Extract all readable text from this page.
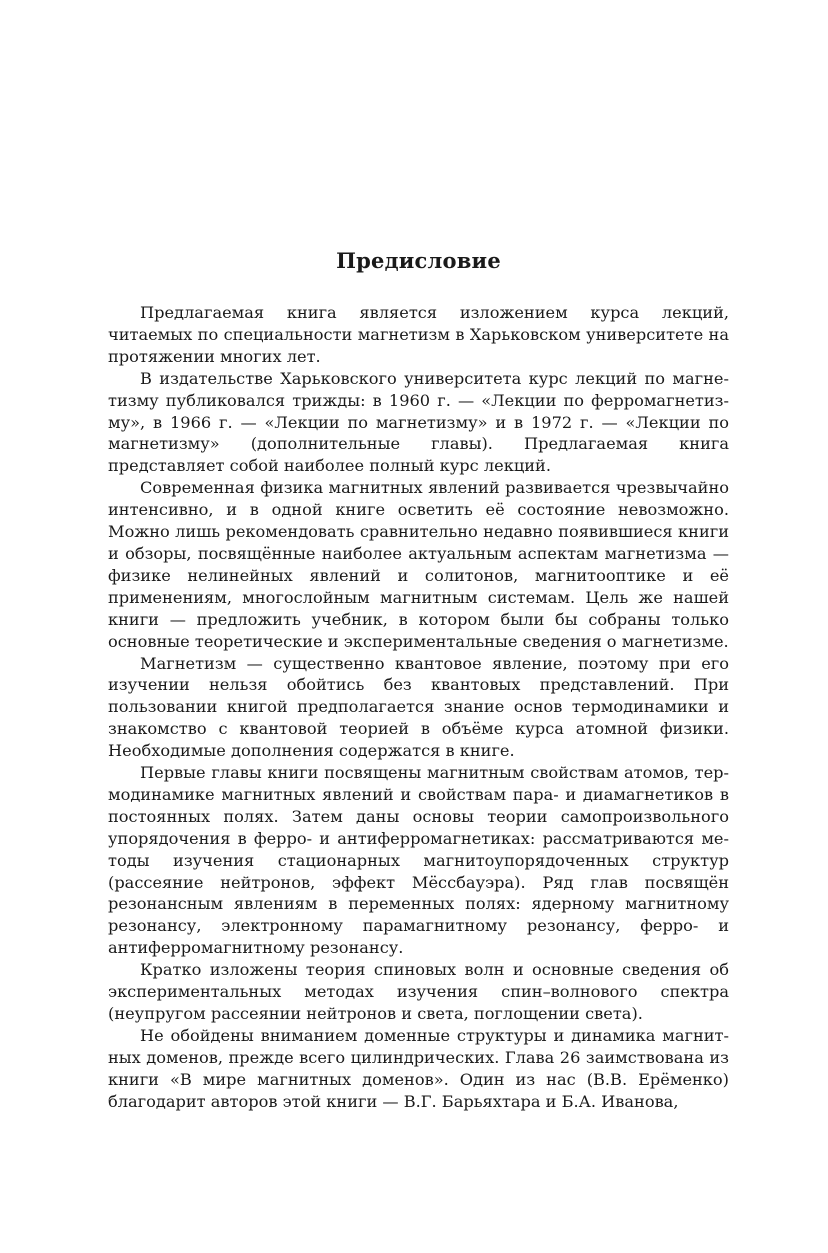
Предисловие

Предлагаемая книга является изложением курса лекций, читаемых по специальности магнетизм в Харьковском университете на протяжении многих лет.

В издательстве Харьковского университета курс лекций по магнетизму публиковался трижды: в 1960 г. — «Лекции по ферромагнетизму», в 1966 г. — «Лекции по магнетизму» и в 1972 г. — «Лекции по магнетизму» (дополнительные главы). Предлагаемая книга представляет собой наиболее полный курс лекций.

Современная физика магнитных явлений развивается чрезвычайно интенсивно, и в одной книге осветить её состояние невозможно. Можно лишь рекомендовать сравнительно недавно появившиеся книги и обзоры, посвящённые наиболее актуальным аспектам магнетизма — физике нелинейных явлений и солитонов, магнитооптике и её применениям, многослойным магнитным системам. Цель же нашей книги — предложить учебник, в котором были бы собраны только основные теоретические и экспериментальные сведения о магнетизме.

Магнетизм — существенно квантовое явление, поэтому при его изучении нельзя обойтись без квантовых представлений. При пользовании книгой предполагается знание основ термодинамики и знакомство с квантовой теорией в объёме курса атомной физики. Необходимые дополнения содержатся в книге.

Первые главы книги посвящены магнитным свойствам атомов, термодинамике магнитных явлений и свойствам пара- и диамагнетиков в постоянных полях. Затем даны основы теории самопроизвольного упорядочения в ферро- и антиферромагнетиках: рассматриваются методы изучения стационарных магнитоупорядоченных структур (рассеяние нейтронов, эффект Мёссбауэра). Ряд глав посвящён резонансным явлениям в переменных полях: ядерному магнитному резонансу, электронному парамагнитному резонансу, ферро- и антиферромагнитному резонансу.

Кратко изложены теория спиновых волн и основные сведения об экспериментальных методах изучения спин–волнового спектра (неупругом рассеянии нейтронов и света, поглощении света).

Не обойдены вниманием доменные структуры и динамика магнитных доменов, прежде всего цилиндрических. Глава 26 заимствована из книги «В мире магнитных доменов». Один из нас (В.В. Ерёменко) благодарит авторов этой книги — В.Г. Барьяхтара и Б.А. Иванова,
